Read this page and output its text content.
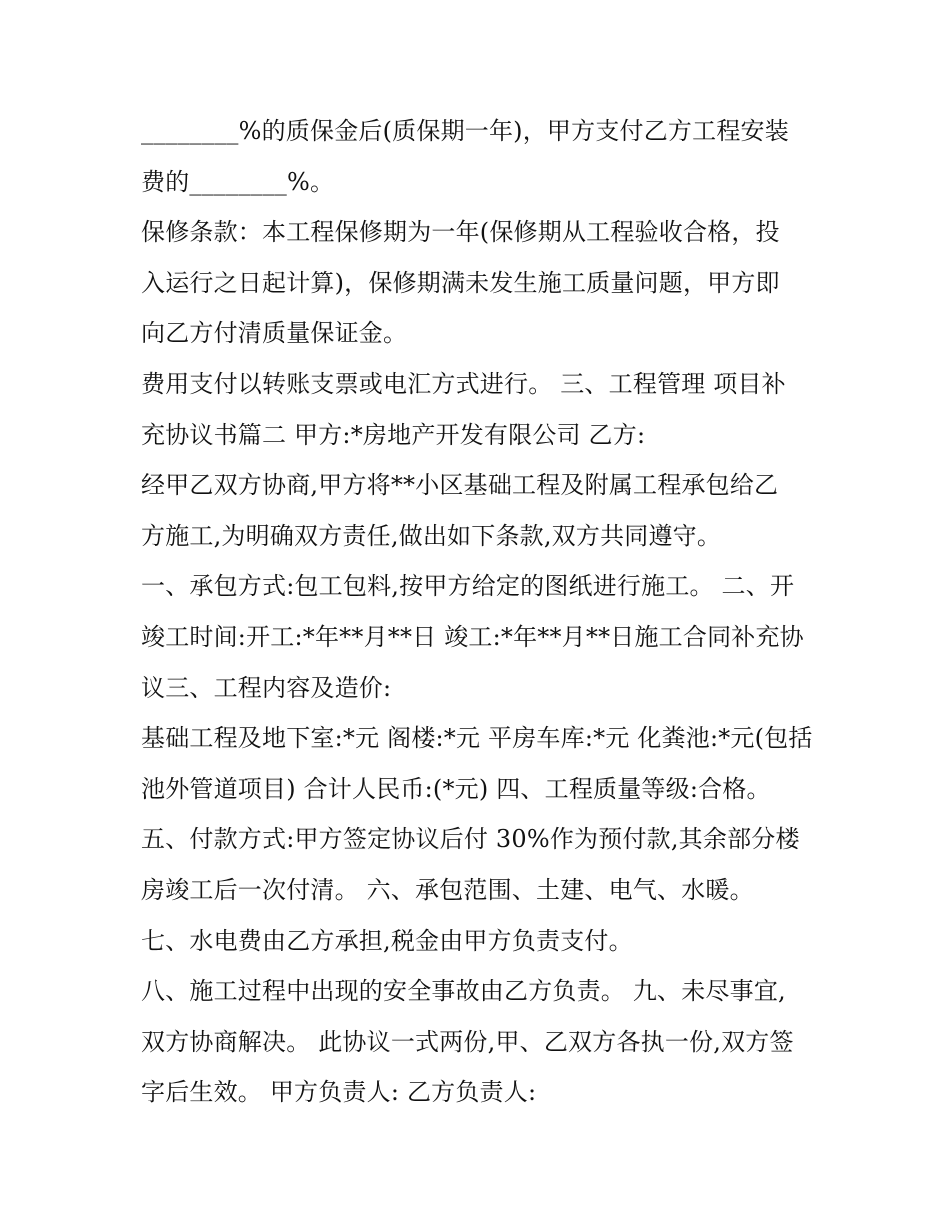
________%的质保金后(质保期一年)，甲方支付乙方工程安装
费的________%。
保修条款：本工程保修期为一年(保修期从工程验收合格，投
入运行之日起计算)，保修期满未发生施工质量问题，甲方即
向乙方付清质量保证金。
费用支付以转账支票或电汇方式进行。 三、工程管理 项目补
充协议书篇二 甲方:*房地产开发有限公司 乙方:
经甲乙双方协商,甲方将**小区基础工程及附属工程承包给乙
方施工,为明确双方责任,做出如下条款,双方共同遵守。
一、承包方式:包工包料,按甲方给定的图纸进行施工。 二、开
竣工时间:开工:*年**月**日 竣工:*年**月**日施工合同补充协
议三、工程内容及造价:
基础工程及地下室:*元 阁楼:*元 平房车库:*元 化粪池:*元(包括
池外管道项目) 合计人民币:(*元) 四、工程质量等级:合格。
五、付款方式:甲方签定协议后付 30%作为预付款,其余部分楼
房竣工后一次付清。 六、承包范围、土建、电气、水暖。
七、水电费由乙方承担,税金由甲方负责支付。
八、施工过程中出现的安全事故由乙方负责。 九、未尽事宜,
双方协商解决。 此协议一式两份,甲、乙双方各执一份,双方签
字后生效。 甲方负责人: 乙方负责人:
